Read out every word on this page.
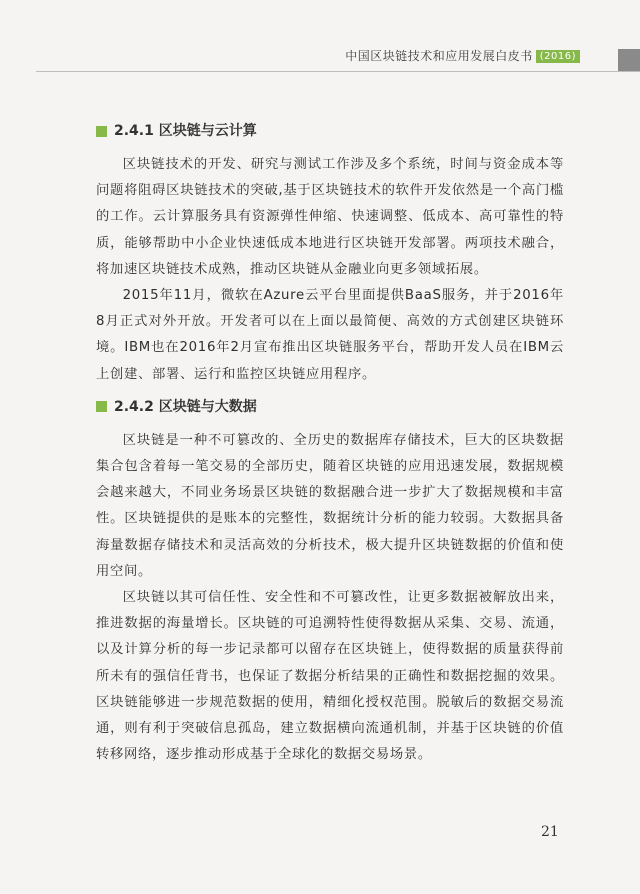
中国区块链技术和应用发展白皮书 (2016)
2.4.1 区块链与云计算

区块链技术的开发、研究与测试工作涉及多个系统，时间与资金成本等问题将阻碍区块链技术的突破,基于区块链技术的软件开发依然是一个高门槛的工作。云计算服务具有资源弹性伸缩、快速调整、低成本、高可靠性的特质，能够帮助中小企业快速低成本地进行区块链开发部署。两项技术融合，将加速区块链技术成熟，推动区块链从金融业向更多领域拓展。

2015年11月，微软在Azure云平台里面提供BaaS服务，并于2016年8月正式对外开放。开发者可以在上面以最简便、高效的方式创建区块链环境。IBM也在2016年2月宣布推出区块链服务平台，帮助开发人员在IBM云上创建、部署、运行和监控区块链应用程序。

2.4.2 区块链与大数据

区块链是一种不可篡改的、全历史的数据库存储技术，巨大的区块数据集合包含着每一笔交易的全部历史，随着区块链的应用迅速发展，数据规模会越来越大，不同业务场景区块链的数据融合进一步扩大了数据规模和丰富性。区块链提供的是账本的完整性，数据统计分析的能力较弱。大数据具备海量数据存储技术和灵活高效的分析技术，极大提升区块链数据的价值和使用空间。

区块链以其可信任性、安全性和不可篡改性，让更多数据被解放出来，推进数据的海量增长。区块链的可追溯特性使得数据从采集、交易、流通，以及计算分析的每一步记录都可以留存在区块链上，使得数据的质量获得前所未有的强信任背书，也保证了数据分析结果的正确性和数据挖掘的效果。区块链能够进一步规范数据的使用，精细化授权范围。脱敏后的数据交易流通，则有利于突破信息孤岛，建立数据横向流通机制，并基于区块链的价值转移网络，逐步推动形成基于全球化的数据交易场景。

21
